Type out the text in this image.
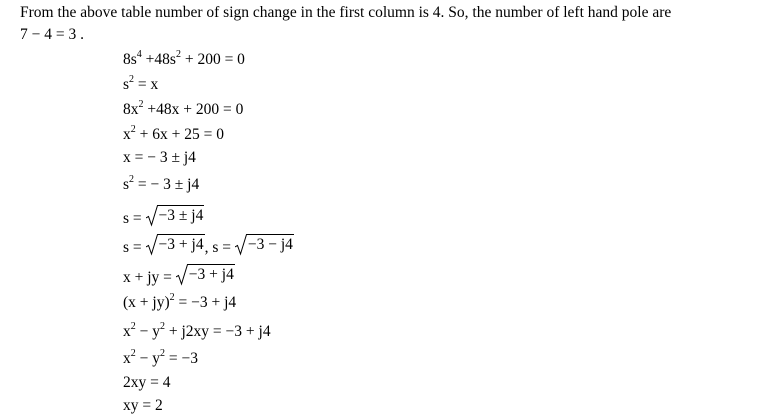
From the above table number of sign change in the first column is 4. So, the number of left hand pole are
7 − 4 = 3 .
$8s^4 +48s^2 + 200 = 0$
$s^2 = x$
$8x^2 +48x + 200 = 0$
$x^2 + 6x + 25 = 0$
x = − 3 ± j4
$s^2$ = − 3 ± j4
s = −3 ± j4
s = −3 + j4 , s = −3 − j4
x + jy = −3 + j4
(x + jy)$^2$ = −3 + j4
$x^2 - y^2 + j2xy = -3 + j4$
$x^2 - y^2 = -3$
2xy = 4
xy = 2
